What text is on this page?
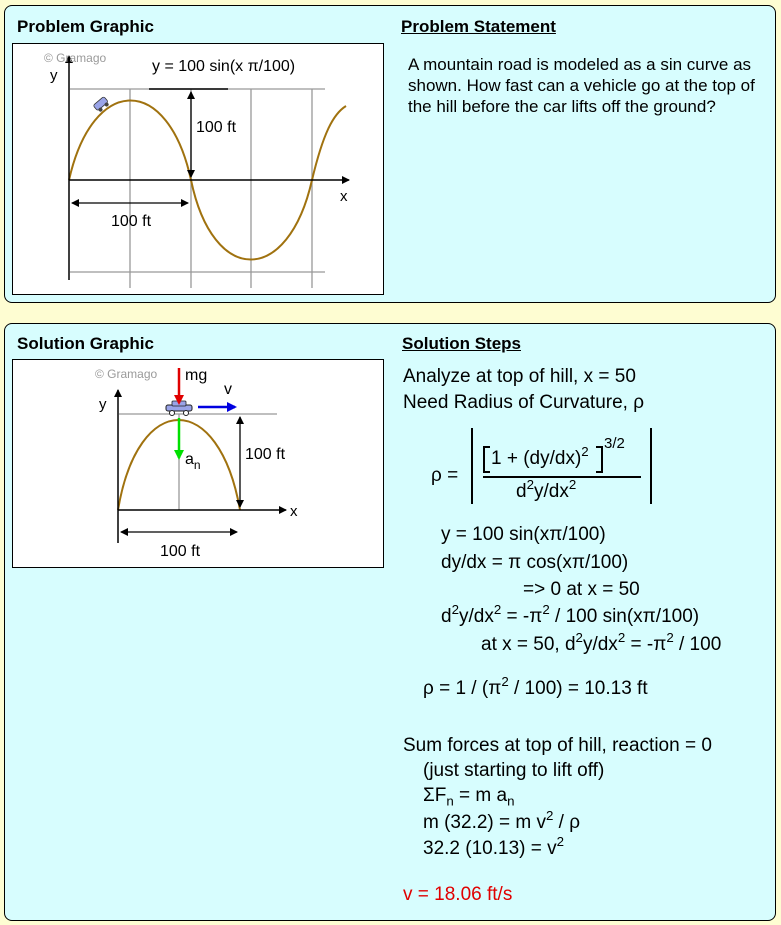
Problem Graphic	Problem Statement
© Gramago
y
x
y = 100 sin(x π/100)
100 ft
100 ft
A mountain road is modeled as a sin curve as shown. How fast can a vehicle go at the top of the hill before the car lifts off the ground?
Solution Graphic	Solution Steps
© Gramago mg
v
$a_n$
y
x
100 ft
100 ft
Analyze at top of hill, x = 50
Need Radius of Curvature, ρ
ρ =
$1 + (dy/dx)^2$ 3/2
$d^2y/dx^2$
y = 100 sin(xπ/100)
dy/dx = π cos(xπ/100)
=> 0 at x = 50
$d^2y/dx^2 = -\pi^2 / 100$ sin(xπ/100)
at x = 50, $d^2y/dx^2 = -\pi^2 / 100$
$\rho = 1 / (\pi^2 / 100) = 10.13$ ft
Sum forces at top of hill, reaction = 0
(just starting to lift off)
$\Sigma F_n = m$ $a_n$
m (32.2) = m $v^2$ / ρ
32.2 $(10.13) = v^2$
v = 18.06 ft/s
